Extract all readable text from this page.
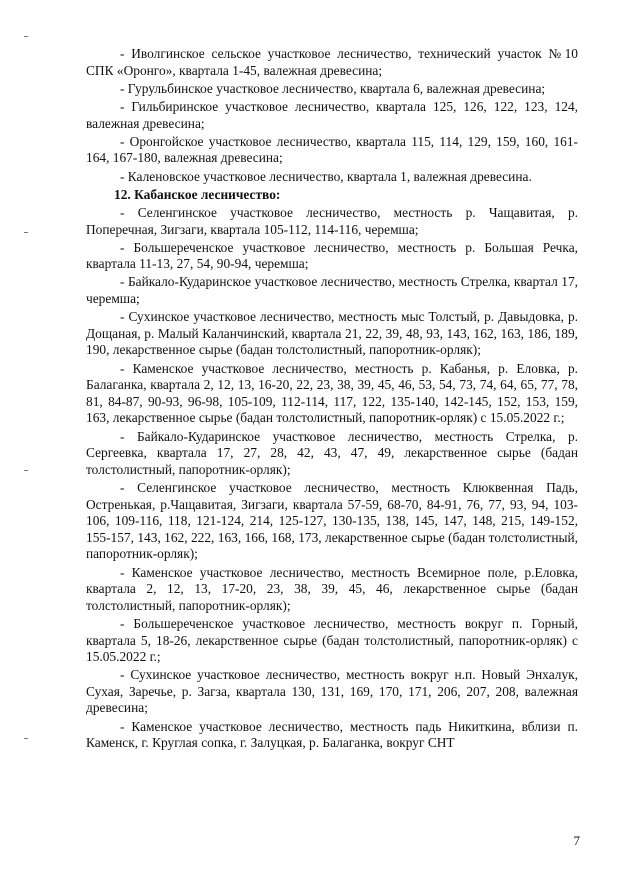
- Иволгинское сельское участковое лесничество, технический участок №10 СПК «Оронго», квартала 1-45, валежная древесина;

- Гурульбинское участковое лесничество, квартала 6, валежная древесина;

- Гильбиринское участковое лесничество, квартала 125, 126, 122, 123, 124, валежная древесина;

- Оронгойское участковое лесничество, квартала 115, 114, 129, 159, 160, 161- 164, 167-180, валежная древесина;

- Каленовское участковое лесничество, квартала 1, валежная древесина.

12. Кабанское лесничество:

- Селенгинское участковое лесничество, местность р. Чащавитая, р. Поперечная, Зигзаги, квартала 105-112, 114-116, черемша;

- Большереченское участковое лесничество, местность р. Большая Речка, квартала 11-13, 27, 54, 90-94, черемша;

- Байкало-Кударинское участковое лесничество, местность Стрелка, квартал 17, черемша;

- Сухинское участковое лесничество, местность мыс Толстый, р. Давыдовка, р. Дощаная, р. Малый Каланчинский, квартала 21, 22, 39, 48, 93, 143, 162, 163, 186, 189, 190, лекарственное сырье (бадан толстолистный, папоротник-орляк);

- Каменское участковое лесничество, местность р. Кабанья, р. Еловка, р. Балаганка, квартала 2, 12, 13, 16-20, 22, 23, 38, 39, 45, 46, 53, 54, 73, 74, 64, 65, 77, 78, 81, 84-87, 90-93, 96-98, 105-109, 112-114, 117, 122, 135-140, 142-145, 152, 153, 159, 163, лекарственное сырье (бадан толстолистный, папоротник-орляк) с 15.05.2022 г.;

- Байкало-Кударинское участковое лесничество, местность Стрелка, р. Сергеевка, квартала 17, 27, 28, 42, 43, 47, 49, лекарственное сырье (бадан толстолистный, папоротник-орляк);

- Селенгинское участковое лесничество, местность Клюквенная Падь, Остренькая, р.Чащавитая, Зигзаги, квартала 57-59, 68-70, 84-91, 76, 77, 93, 94, 103-106, 109-116, 118, 121-124, 214, 125-127, 130-135, 138, 145, 147, 148, 215, 149-152, 155-157, 143, 162, 222, 163, 166, 168, 173, лекарственное сырье (бадан толстолистный, папоротник-орляк);

- Каменское участковое лесничество, местность Всемирное поле, р.Еловка, квартала 2, 12, 13, 17-20, 23, 38, 39, 45, 46, лекарственное сырье (бадан толстолистный, папоротник-орляк);

- Большереченское участковое лесничество, местность вокруг п. Горный, квартала 5, 18-26, лекарственное сырье (бадан толстолистный, папоротник-орляк) с 15.05.2022 г.;

- Сухинское участковое лесничество, местность вокруг н.п. Новый Энхалук, Сухая, Заречье, р. Загза, квартала 130, 131, 169, 170, 171, 206, 207, 208, валежная древесина;

- Каменское участковое лесничество, местность падь Никиткина, вблизи п. Каменск, г. Круглая сопка, г. Залуцкая, р. Балаганка, вокруг СНТ

7
